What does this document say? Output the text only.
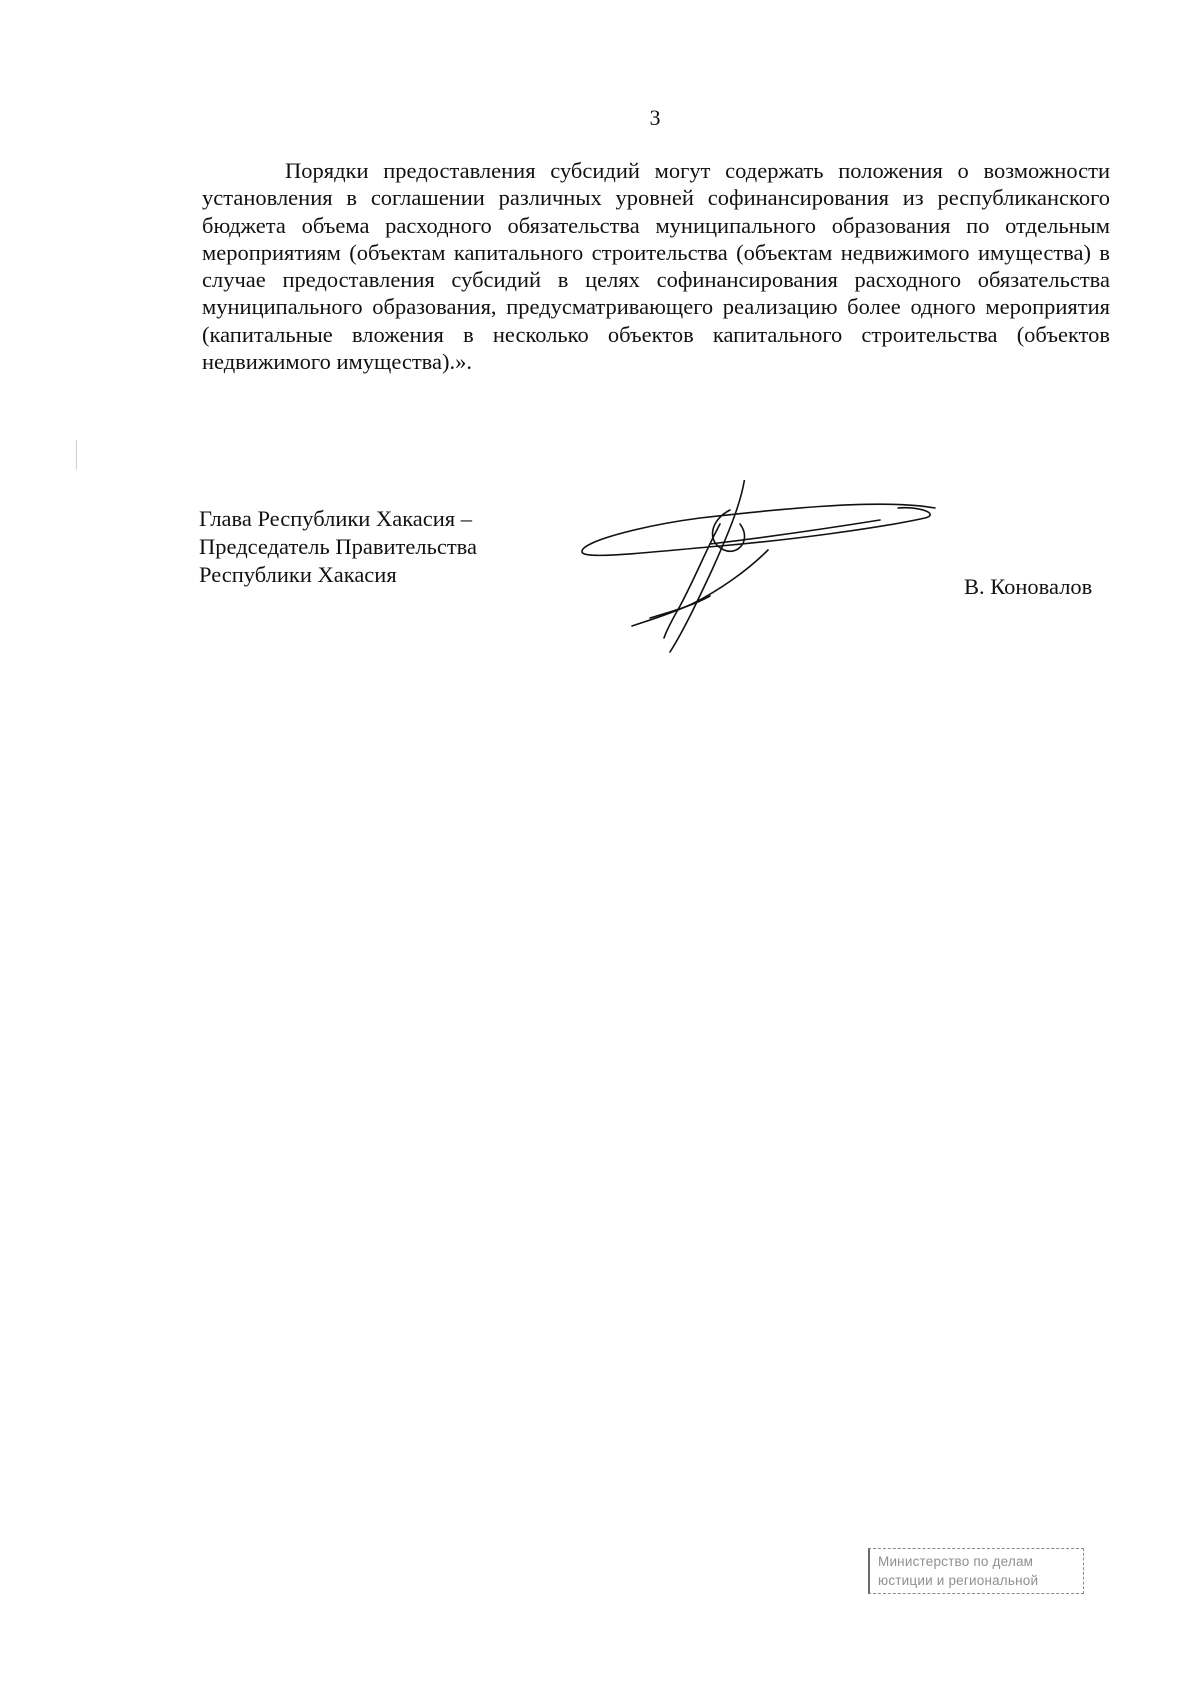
3

Порядки предоставления субсидий могут содержать положения о возможности установления в соглашении различных уровней софинансирования из республиканского бюджета объема расходного обязательства муниципального образования по отдельным мероприятиям (объектам капитального строительства (объектам недвижимого имущества) в случае предоставления субсидий в целях софинансирования расходного обязательства муниципального образования, предусматривающего реализацию более одного мероприятия (капитальные вложения в несколько объектов капитального строительства (объектов недвижимого имущества).».

Глава Республики Хакасия –
Председатель Правительства
Республики Хакасия	В. Коновалов
Министерство по делам
юстиции и региональной
